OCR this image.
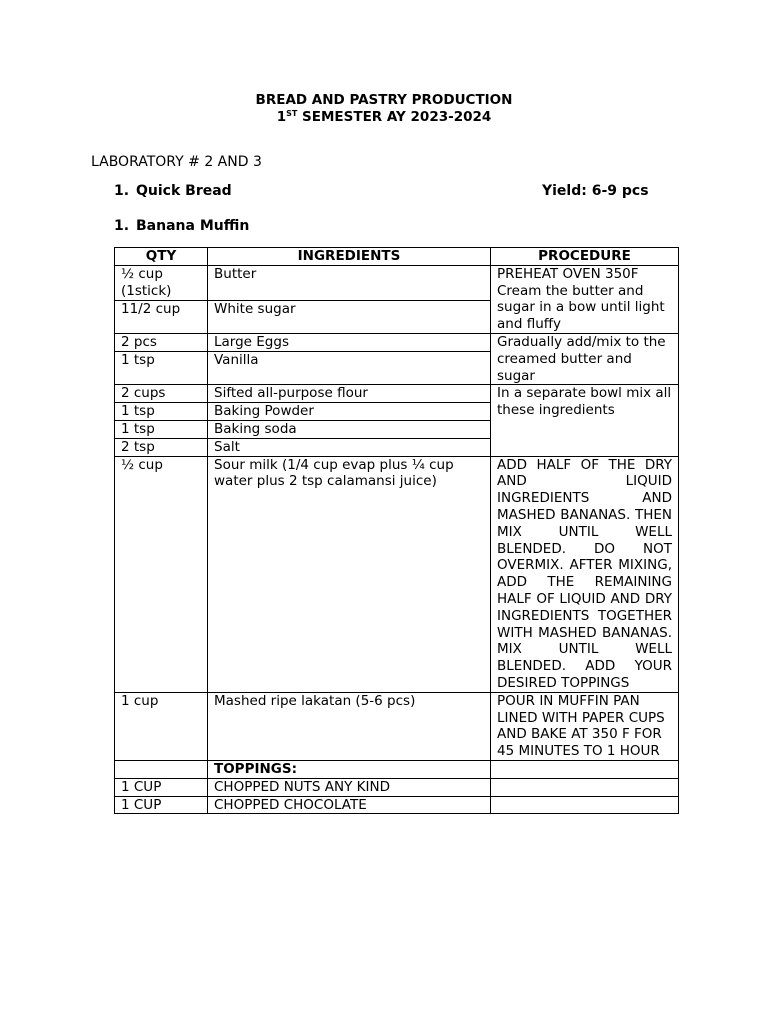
BREAD AND PASTRY PRODUCTION
1ST SEMESTER AY 2023-2024
LABORATORY # 2 AND 3
1. Quick Bread	Yield: 6-9 pcs
1. Banana Muffin
QTY	INGREDIENTS	PROCEDURE
½ cup (1stick)	Butter	PREHEAT OVEN 350F Cream the butter and sugar in a bow until light and fluffy
11/2 cup	White sugar	
2 pcs	Large Eggs	Gradually add/mix to the creamed butter and sugar
1 tsp	Vanilla	
2 cups	Sifted all-purpose flour	In a separate bowl mix all these ingredients
1 tsp	Baking Powder	
1 tsp	Baking soda	
2 tsp	Salt	
½ cup	Sour milk (1/4 cup evap plus ¼ cup water plus 2 tsp calamansi juice)	ADD HALF OF THE DRY AND LIQUID INGREDIENTS AND MASHED BANANAS. THEN MIX UNTIL WELL BLENDED. DO NOT OVERMIX. AFTER MIXING, ADD THE REMAINING HALF OF LIQUID AND DRY INGREDIENTS TOGETHER WITH MASHED BANANAS. MIX UNTIL WELL BLENDED. ADD YOUR DESIRED TOPPINGS
1 cup	Mashed ripe lakatan (5-6 pcs)	POUR IN MUFFIN PAN LINED WITH PAPER CUPS AND BAKE AT 350 F FOR 45 MINUTES TO 1 HOUR
	TOPPINGS:	
1 CUP	CHOPPED NUTS ANY KIND	
1 CUP	CHOPPED CHOCOLATE	
